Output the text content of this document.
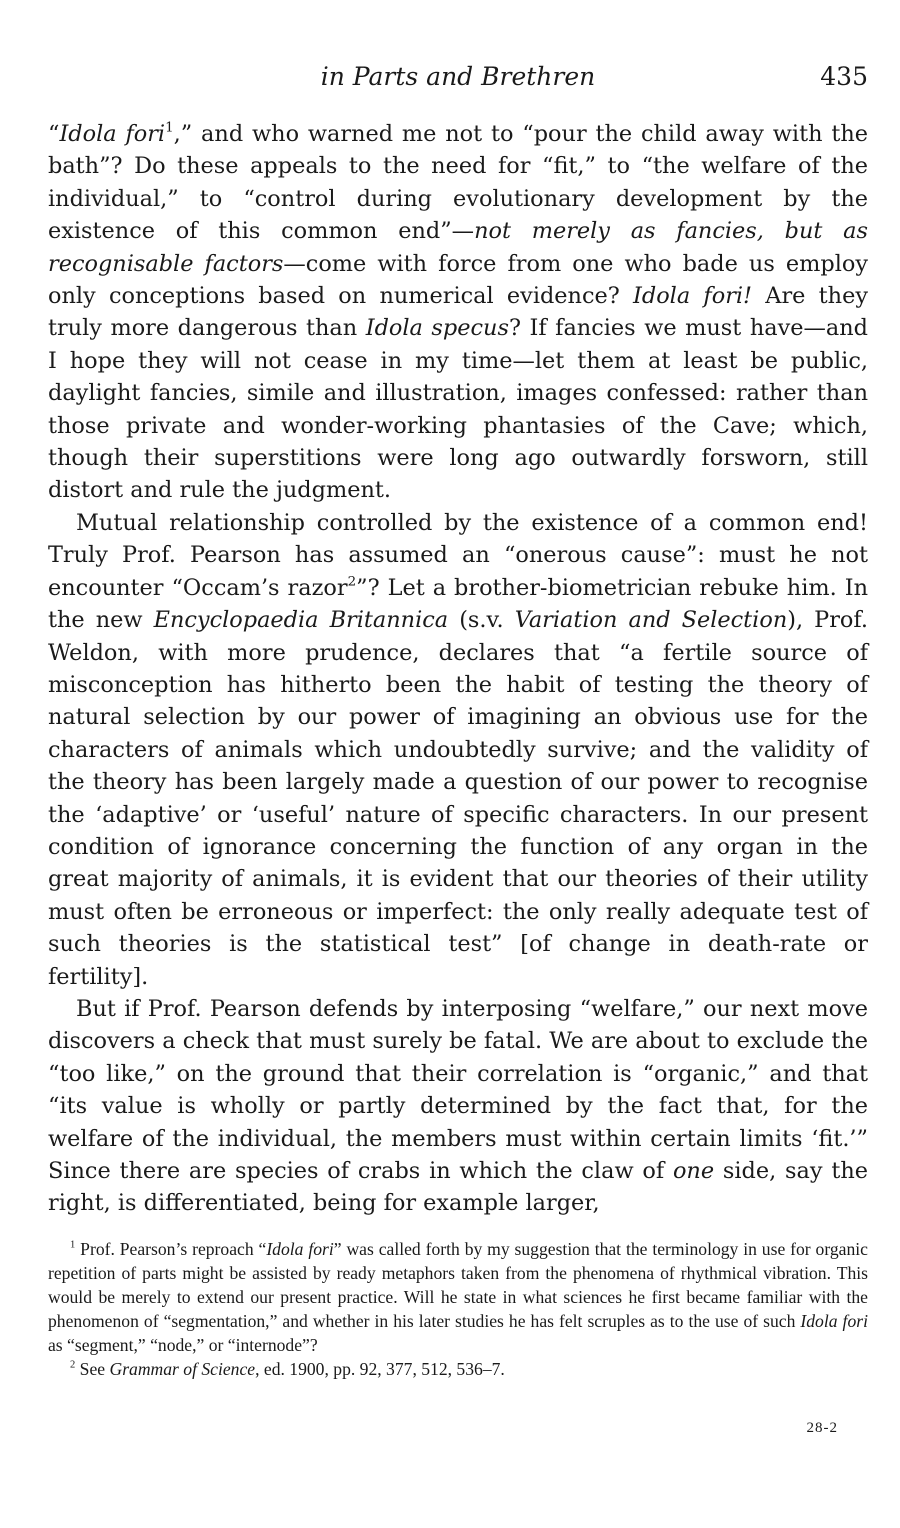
in Parts and Brethren	435

“Idola fori$^1$,” and who warned me not to “pour the child away with the bath”? Do these appeals to the need for “fit,” to “the welfare of the individual,” to “control during evolutionary development by the existence of this common end”—not merely as fancies, but as recognisable factors—come with force from one who bade us employ only conceptions based on numerical evidence? Idola fori! Are they truly more dangerous than Idola specus? If fancies we must have—and I hope they will not cease in my time—let them at least be public, daylight fancies, simile and illustration, images confessed: rather than those private and wonder-working phantasies of the Cave; which, though their superstitions were long ago outwardly forsworn, still distort and rule the judgment.

Mutual relationship controlled by the existence of a common end! Truly Prof. Pearson has assumed an “onerous cause”: must he not encounter “Occam’s razor$^2$”? Let a brother-biometrician rebuke him. In the new Encyclopaedia Britannica (s.v. Variation and Selection), Prof. Weldon, with more prudence, declares that “a fertile source of misconception has hitherto been the habit of testing the theory of natural selection by our power of imagining an obvious use for the characters of animals which undoubtedly survive; and the validity of the theory has been largely made a question of our power to recognise the ‘adaptive’ or ‘useful’ nature of specific characters. In our present condition of ignorance concerning the function of any organ in the great majority of animals, it is evident that our theories of their utility must often be erroneous or imperfect: the only really adequate test of such theories is the statistical test” [of change in death-rate or fertility].

But if Prof. Pearson defends by interposing “welfare,” our next move discovers a check that must surely be fatal. We are about to exclude the “too like,” on the ground that their correlation is “organic,” and that “its value is wholly or partly determined by the fact that, for the welfare of the individual, the members must within certain limits ‘fit.’” Since there are species of crabs in which the claw of one side, say the right, is differentiated, being for example larger,

$^1$ Prof. Pearson’s reproach “Idola fori” was called forth by my suggestion that the terminology in use for organic repetition of parts might be assisted by ready metaphors taken from the phenomena of rhythmical vibration. This would be merely to extend our present practice. Will he state in what sciences he first became familiar with the phenomenon of “segmentation,” and whether in his later studies he has felt scruples as to the use of such Idola fori as “segment,” “node,” or “internode”?

$^2$ See Grammar of Science, ed. 1900, pp. 92, 377, 512, 536–7.

28-2
